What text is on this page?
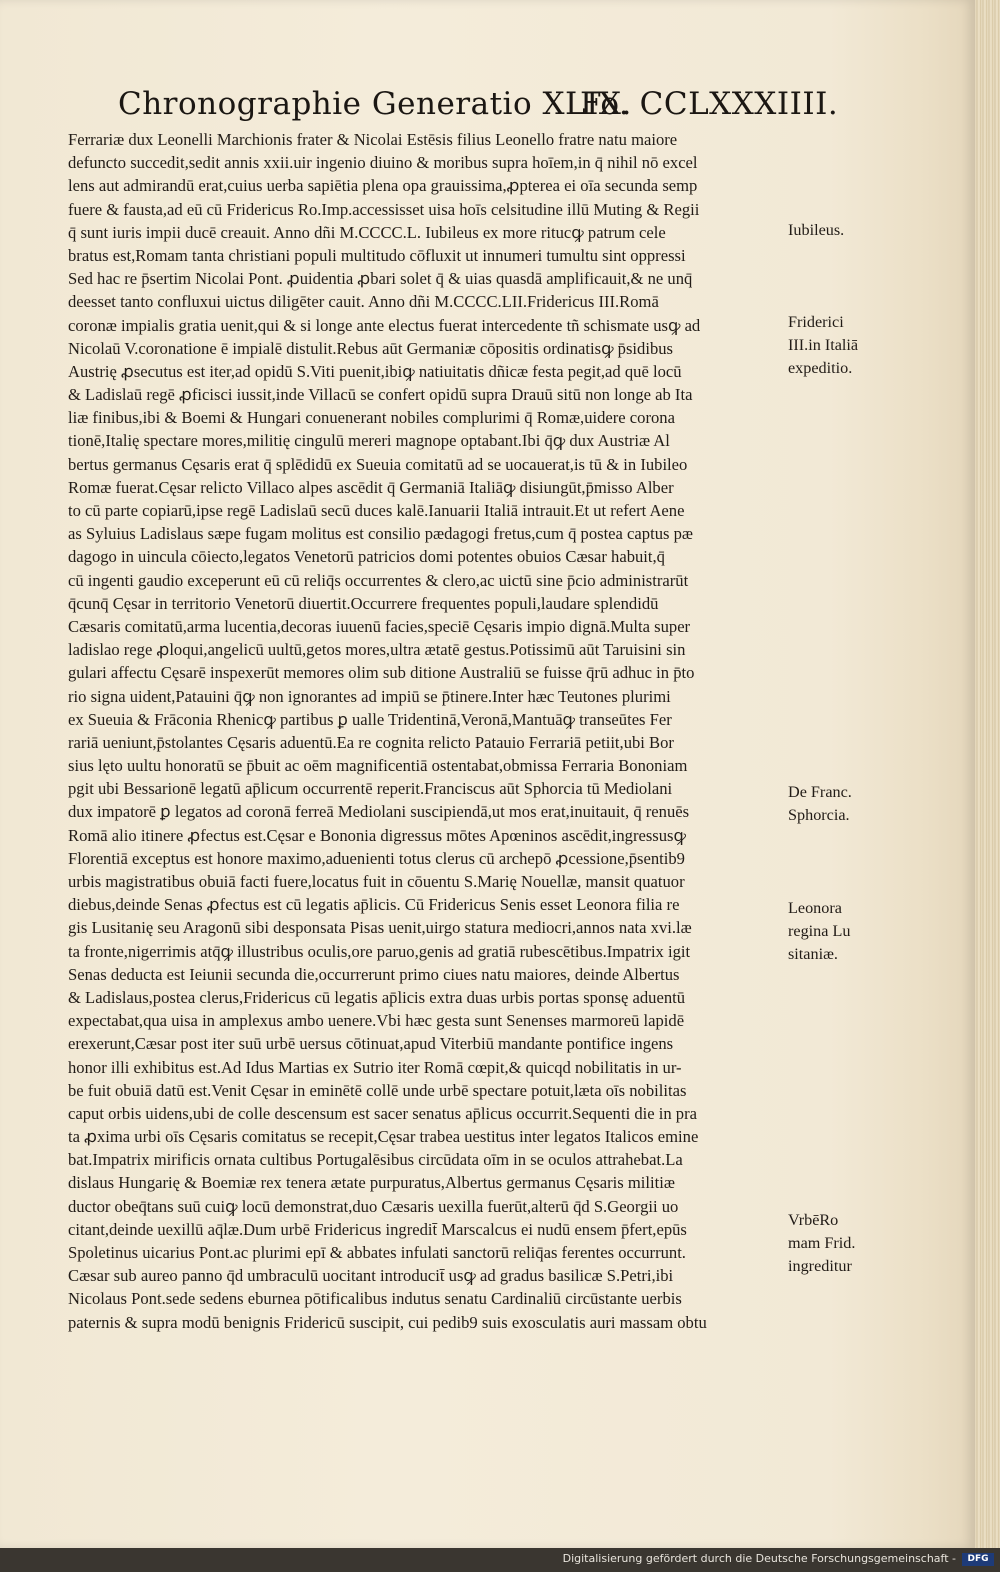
Chronographie Generatio XLIX.
Fo. CCLXXXIIII.
Ferrariæ dux Leonelli Marchionis frater & Nicolai Estēsis filius Leonello fratre natu maiore
defuncto succedit,sedit annis xxii.uir ingenio diuino & moribus supra hoīem,in q̄ nihil nō excel
lens aut admirandū erat,cuius uerba sapiētia plena opa grauissima,ꝓpterea ei oīa secunda semp
fuere & fausta,ad eū cū Fridericus Ro.Imp.accessisset uisa hoīs celsitudine illū Muting & Regii
q̄ sunt iuris impii ducē creauit. Anno dñi M.CCCC.L. Iubileus ex more ritucꝙ patrum cele
bratus est,Romam tanta christiani populi multitudo cōfluxit ut innumeri tumultu sint oppressi
Sed hac re p̄sertim Nicolai Pont. ꝓuidentia ꝓbari solet q̄ & uias quasdā amplificauit,& ne unq̄
deesset tanto confluxui uictus diligēter cauit. Anno dñi M.CCCC.LII.Fridericus III.Romā
coronæ impialis gratia uenit,qui & si longe ante electus fuerat intercedente tñ schismate usꝙ ad
Nicolaū V.coronatione ē impialē distulit.Rebus aūt Germaniæ cōpositis ordinatisꝙ p̄sidibus
Austrię ꝓsecutus est iter,ad opidū S.Viti puenit,ibiꝙ natiuitatis dñicæ festa pegit,ad quē locū
& Ladislaū regē ꝓficisci iussit,inde Villacū se confert opidū supra Drauū sitū non longe ab Ita
liæ finibus,ibi & Boemi & Hungari conuenerant nobiles complurimi q̄ Romæ,uidere corona
tionē,Italię spectare mores,militię cingulū mereri magnope optabant.Ibi q̄ꝙ dux Austriæ Al
bertus germanus Cęsaris erat q̄ splēdidū ex Sueuia comitatū ad se uocauerat,is tū & in Iubileo
Romæ fuerat.Cęsar relicto Villaco alpes ascēdit q̄ Germaniā Italiāꝙ disiungūt,p̄misso Alber
to cū parte copiarū,ipse regē Ladislaū secū duces kalē.Ianuarii Italiā intrauit.Et ut refert Aene
as Syluius Ladislaus sæpe fugam molitus est consilio pædagogi fretus,cum q̄ postea captus pæ
dagogo in uincula cōiecto,legatos Venetorū patricios domi potentes obuios Cæsar habuit,q̄
cū ingenti gaudio exceperunt eū cū reliq̄s occurrentes & clero,ac uictū sine p̄cio administrarūt
q̄cunq̄ Cęsar in territorio Venetorū diuertit.Occurrere frequentes populi,laudare splendidū
Cæsaris comitatū,arma lucentia,decoras iuuenū facies,speciē Cęsaris impio dignā.Multa super
ladislao rege ꝓloqui,angelicū uultū,getos mores,ultra ætatē gestus.Potissimū aūt Taruisini sin
gulari affectu Cęsarē inspexerūt memores olim sub ditione Australiū se fuisse q̄rū adhuc in p̄to
rio signa uident,Patauini q̄ꝙ non ignorantes ad impiū se p̄tinere.Inter hæc Teutones plurimi
ex Sueuia & Frāconia Rhenicꝙ partibus ꝑ ualle Tridentinā,Veronā,Mantuāꝙ transeūtes Fer
rariā ueniunt,p̄stolantes Cęsaris aduentū.Ea re cognita relicto Patauio Ferrariā petiit,ubi Bor
sius lęto uultu honoratū se p̄buit ac oēm magnificentiā ostentabat,obmissa Ferraria Bononiam
pgit ubi Bessarionē legatū ap̄licum occurrentē reperit.Franciscus aūt Sphorcia tū Mediolani
dux impatorē ꝑ legatos ad coronā ferreā Mediolani suscipiendā,ut mos erat,inuitauit, q̄ renuēs
Romā alio itinere ꝓfectus est.Cęsar e Bononia digressus mōtes Apœninos ascēdit,ingressusꝙ
Florentiā exceptus est honore maximo,aduenienti totus clerus cū archepō ꝓcessione,p̄sentib9
urbis magistratibus obuiā facti fuere,locatus fuit in cōuentu S.Marię Nouellæ, mansit quatuor
diebus,deinde Senas ꝓfectus est cū legatis ap̄licis. Cū Fridericus Senis esset Leonora filia re
gis Lusitanię seu Aragonū sibi desponsata Pisas uenit,uirgo statura mediocri,annos nata xvi.læ
ta fronte,nigerrimis atq̄ꝙ illustribus oculis,ore paruo,genis ad gratiā rubescētibus.Impatrix igit
Senas deducta est Ieiunii secunda die,occurrerunt primo ciues natu maiores, deinde Albertus
& Ladislaus,postea clerus,Fridericus cū legatis ap̄licis extra duas urbis portas sponsę aduentū
expectabat,qua uisa in amplexus ambo uenere.Vbi hæc gesta sunt Senenses marmoreū lapidē
erexerunt,Cæsar post iter suū urbē uersus cōtinuat,apud Viterbiū mandante pontifice ingens
honor illi exhibitus est.Ad Idus Martias ex Sutrio iter Romā cœpit,& quicqd nobilitatis in ur-
be fuit obuiā datū est.Venit Cęsar in eminētē collē unde urbē spectare potuit,læta oīs nobilitas
caput orbis uidens,ubi de colle descensum est sacer senatus ap̄licus occurrit.Sequenti die in pra
ta ꝓxima urbi oīs Cęsaris comitatus se recepit,Cęsar trabea uestitus inter legatos Italicos emine
bat.Impatrix mirificis ornata cultibus Portugalēsibus circūdata oīm in se oculos attrahebat.La
dislaus Hungarię & Boemiæ rex tenera ætate purpuratus,Albertus germanus Cęsaris militiæ
ductor obeq̄tans suū cuiꝙ locū demonstrat,duo Cæsaris uexilla fuerūt,alterū q̄d S.Georgii uo
citant,deinde uexillū aq̄læ.Dum urbē Fridericus ingredit̄ Marscalcus ei nudū ensem p̄fert,epūs
Spoletinus uicarius Pont.ac plurimi epī & abbates infulati sanctorū reliq̄as ferentes occurrunt.
Cæsar sub aureo panno q̄d umbraculū uocitant introducit̄ usꝙ ad gradus basilicæ S.Petri,ibi
Nicolaus Pont.sede sedens eburnea pōtificalibus indutus senatu Cardinaliū circūstante uerbis
paternis & supra modū benignis Fridericū suscipit, cui pedib9 suis exosculatis auri massam obtu
Iubileus.
Friderici
III.in Italiā
expeditio.
De Franc.
Sphorcia.
Leonora
regina Lu
sitaniæ.
VrbēRo
mam Frid.
ingreditur
Digitalisierung gefördert durch die Deutsche Forschungsgemeinschaft -	DFG
